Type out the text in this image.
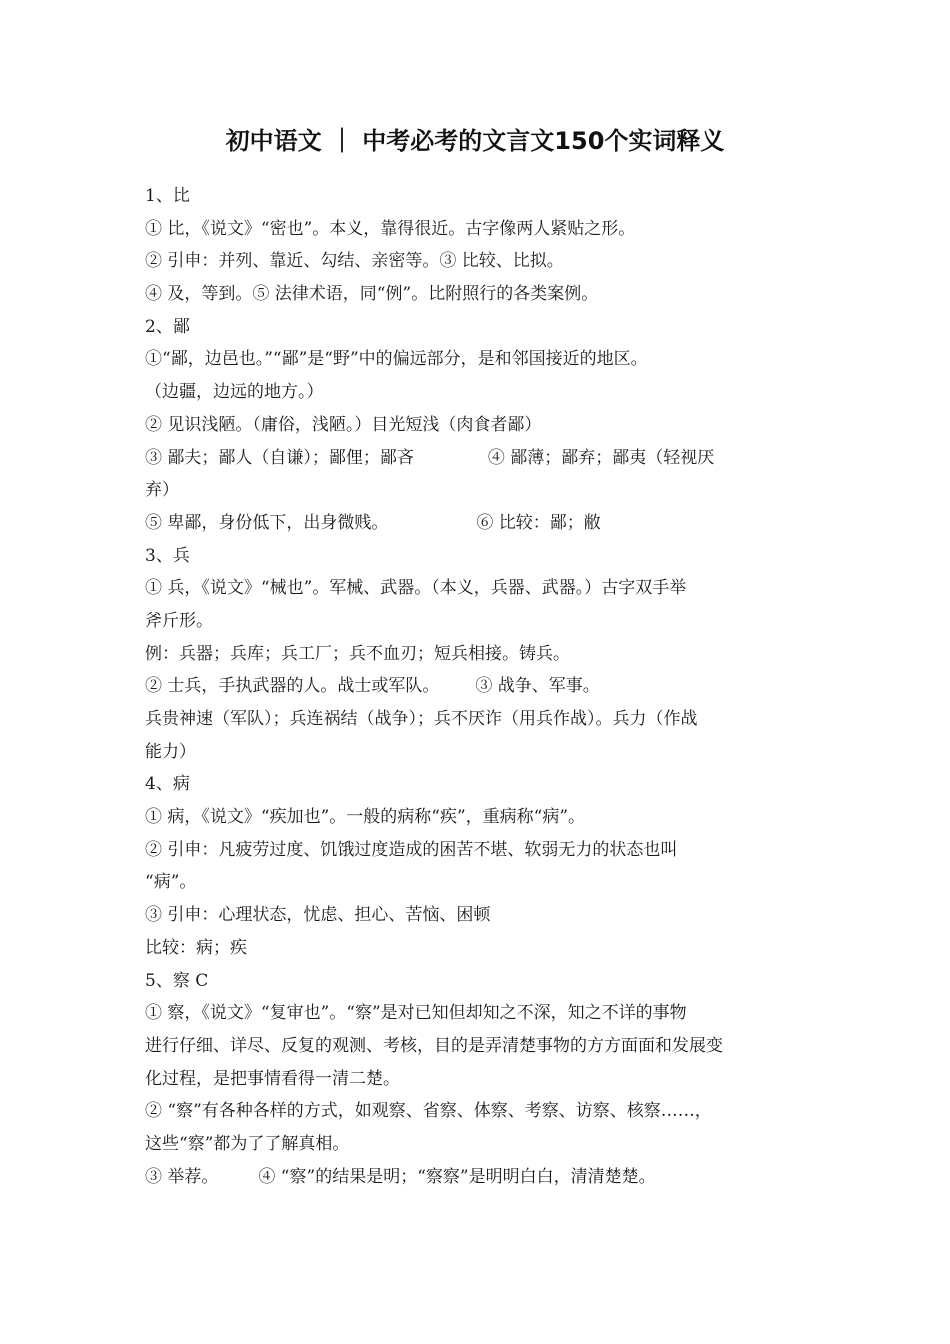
初中语文 ｜ 中考必考的文言文150个实词释义
1、比
① 比，《说文》“密也”。本义，靠得很近。古字像两人紧贴之形。
② 引申：并列、靠近、勾结、亲密等。③ 比较、比拟。
④ 及，等到。⑤ 法律术语，同“例”。比附照行的各类案例。
2、鄙
①“鄙，边邑也。”“鄙”是“野”中的偏远部分，是和邻国接近的地区。
（边疆，边远的地方。）
② 见识浅陋。（庸俗，浅陋。）目光短浅（肉食者鄙）
③ 鄙夫；鄙人（自谦）；鄙俚；鄙吝	④ 鄙薄；鄙弃；鄙夷（轻视厌
弃）
⑤ 卑鄙，身份低下，出身微贱。	⑥ 比较：鄙；敝
3、兵
① 兵，《说文》“械也”。军械、武器。（本义，兵器、武器。）古字双手举
斧斤形。
例：兵器；兵库；兵工厂；兵不血刃；短兵相接。铸兵。
② 士兵，手执武器的人。战士或军队。 ③ 战争、军事。
兵贵神速（军队）；兵连祸结（战争）；兵不厌诈（用兵作战）。兵力（作战
能力）
4、病
① 病，《说文》“疾加也”。一般的病称“疾”，重病称“病”。
② 引申：凡疲劳过度、饥饿过度造成的困苦不堪、软弱无力的状态也叫
“病”。
③ 引申：心理状态，忧虑、担心、苦恼、困顿
比较：病；疾
5、察 C
① 察，《说文》“复审也”。“察”是对已知但却知之不深，知之不详的事物
进行仔细、详尽、反复的观测、考核，目的是弄清楚事物的方方面面和发展变
化过程，是把事情看得一清二楚。
② “察”有各种各样的方式，如观察、省察、体察、考察、访察、核察……，
这些“察”都为了了解真相。
③ 举荐。 ④ “察”的结果是明；“察察”是明明白白，清清楚楚。
